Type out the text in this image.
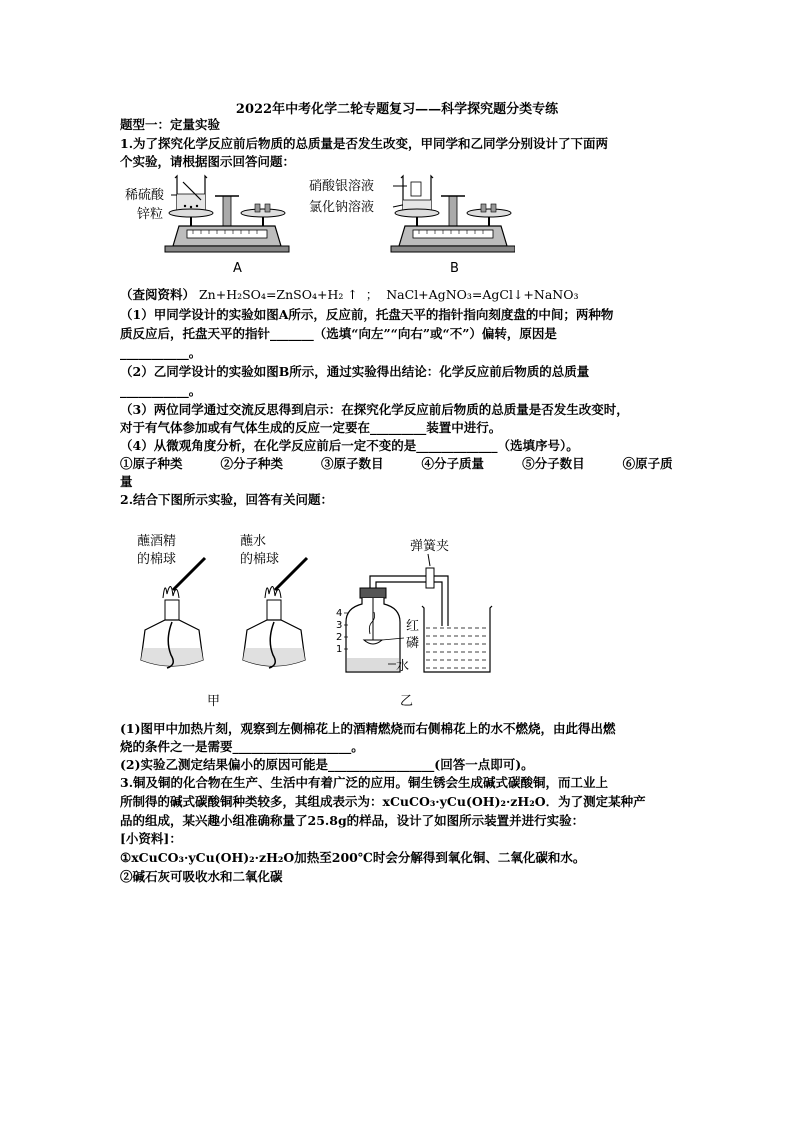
2022年中考化学二轮专题复习——科学探究题分类专练
题型一：定量实验
1.为了探究化学反应前后物质的总质量是否发生改变，甲同学和乙同学分别设计了下面两
个实验，请根据图示回答问题：
稀硫酸
锌粒
A
硝酸银溶液
氯化钠溶液
B
（查阅资料） Zn+H₂SO₄=ZnSO₄+H₂ ↑  ；  NaCl+AgNO₃=AgCl↓+NaNO₃
（1）甲同学设计的实验如图A所示，反应前，托盘天平的指针指向刻度盘的中间；两种物
质反应后，托盘天平的指针_______（选填“向左”“向右”或“不”）偏转，原因是
___________。
（2）乙同学设计的实验如图B所示，通过实验得出结论：化学反应前后物质的总质量
___________。
（3）两位同学通过交流反思得到启示：在探究化学反应前后物质的总质量是否发生改变时，
对于有气体参加或有气体生成的反应一定要在_________装置中进行。
（4）从微观角度分析，在化学反应前后一定不变的是_____________（选填序号）。
①原子种类	②分子种类	③原子数目	④分子质量	⑤分子数目	⑥原子质
量
2.结合下图所示实验，回答有关问题：
蘸酒精
的棉球
蘸水
的棉球
甲
弹簧夹
4
3
2
1
红
磷
水
乙
(1)图甲中加热片刻，观察到左侧棉花上的酒精燃烧而右侧棉花上的水不燃烧，由此得出燃
烧的条件之一是需要___________________。
(2)实验乙测定结果偏小的原因可能是_________________(回答一点即可)。
3.铜及铜的化合物在生产、生活中有着广泛的应用。铜生锈会生成碱式碳酸铜，而工业上
所制得的碱式碳酸铜种类较多，其组成表示为：xCuCO₃·yCu(OH)₂·zH₂O．为了测定某种产
品的组成，某兴趣小组准确称量了25.8g的样品，设计了如图所示装置并进行实验：
[小资料]：
①xCuCO₃·yCu(OH)₂·zH₂O加热至200℃时会分解得到氧化铜、二氧化碳和水。
②碱石灰可吸收水和二氧化碳
